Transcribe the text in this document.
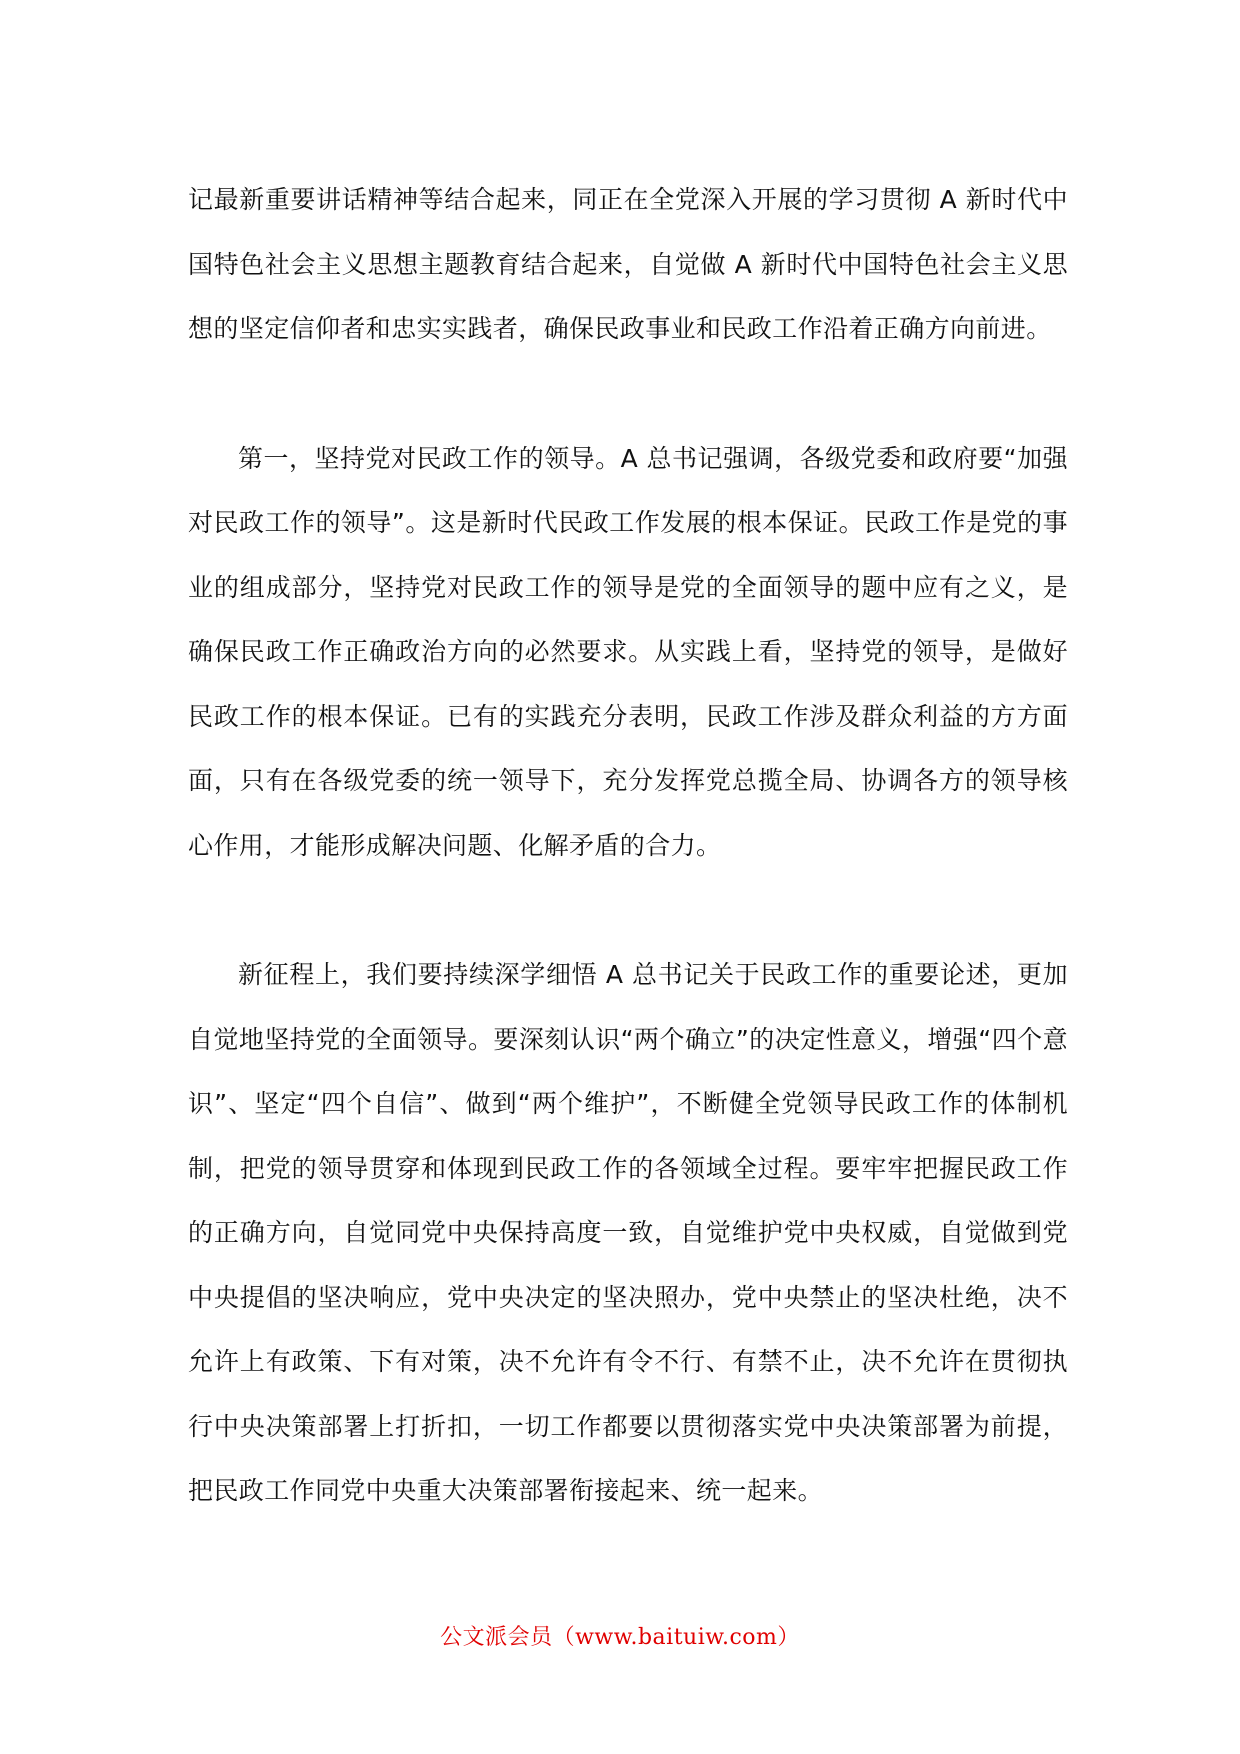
记最新重要讲话精神等结合起来，同正在全党深入开展的学习贯彻 A 新时代中国特色社会主义思想主题教育结合起来，自觉做 A 新时代中国特色社会主义思想的坚定信仰者和忠实实践者，确保民政事业和民政工作沿着正确方向前进。

第一，坚持党对民政工作的领导。A 总书记强调，各级党委和政府要“加强对民政工作的领导”。这是新时代民政工作发展的根本保证。民政工作是党的事业的组成部分，坚持党对民政工作的领导是党的全面领导的题中应有之义，是确保民政工作正确政治方向的必然要求。从实践上看，坚持党的领导，是做好民政工作的根本保证。已有的实践充分表明，民政工作涉及群众利益的方方面面，只有在各级党委的统一领导下，充分发挥党总揽全局、协调各方的领导核心作用，才能形成解决问题、化解矛盾的合力。

新征程上，我们要持续深学细悟 A 总书记关于民政工作的重要论述，更加自觉地坚持党的全面领导。要深刻认识“两个确立”的决定性意义，增强“四个意识”、坚定“四个自信”、做到“两个维护”，不断健全党领导民政工作的体制机制，把党的领导贯穿和体现到民政工作的各领域全过程。要牢牢把握民政工作的正确方向，自觉同党中央保持高度一致，自觉维护党中央权威，自觉做到党中央提倡的坚决响应，党中央决定的坚决照办，党中央禁止的坚决杜绝，决不允许上有政策、下有对策，决不允许有令不行、有禁不止，决不允许在贯彻执行中央决策部署上打折扣，一切工作都要以贯彻落实党中央决策部署为前提，把民政工作同党中央重大决策部署衔接起来、统一起来。

公文派会员（www.baituiw.com）
